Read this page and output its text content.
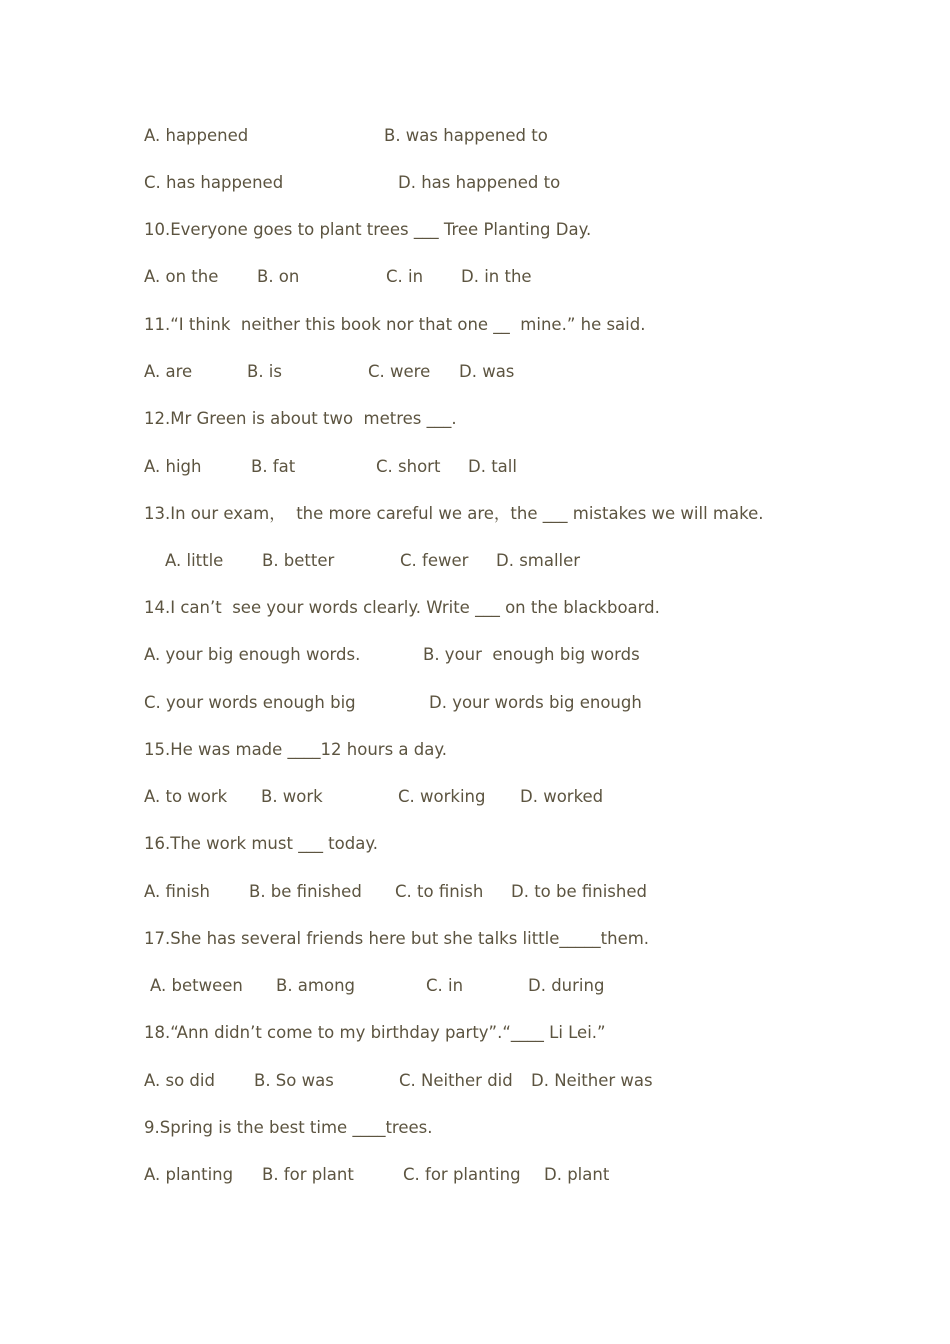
A. happened	B. was happened to
C. has happened	D. has happened to
10.Everyone goes to plant trees ___ Tree Planting Day.
A. on the B. on	C. in D. in the
11.“I think  neither this book nor that one __  mine.” he said.
A. are	B. is	C. were D. was
12.Mr Green is about two  metres ___.
A. high	B. fat	C. short D. tall
13.In our exam，  the more careful we are，the ___ mistakes we will make.
A. little B. better	C. fewer D. smaller
14.I can’t  see your words clearly. Write ___ on the blackboard.
A. your big enough words.	B. your  enough big words
C. your words enough big	D. your words big enough
15.He was made ____12 hours a day.
A. to work B. work	C. working D. worked
16.The work must ___ today.
A. finish B. be finished C. to finish D. to be finished
17.She has several friends here but she talks little_____them.
A. between B. among	C. in	D. during
18.“Ann didn’t come to my birthday party”.“____ Li Lei.”
A. so did B. So was	C. Neither did D. Neither was
9.Spring is the best time ____trees.
A. planting B. for plant	C. for planting D. plant
